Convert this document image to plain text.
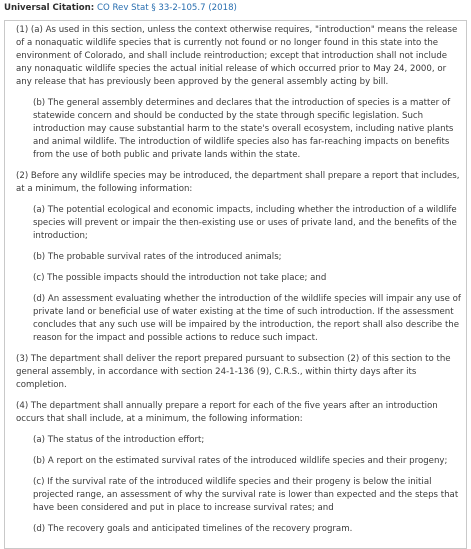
Universal Citation: CO Rev Stat § 33-2-105.7 (2018)

(1) (a) As used in this section, unless the context otherwise requires, "introduction" means the release of a nonaquatic wildlife species that is currently not found or no longer found in this state into the environment of Colorado, and shall include reintroduction; except that introduction shall not include any nonaquatic wildlife species the actual initial release of which occurred prior to May 24, 2000, or any release that has previously been approved by the general assembly acting by bill.

(b) The general assembly determines and declares that the introduction of species is a matter of statewide concern and should be conducted by the state through specific legislation. Such introduction may cause substantial harm to the state's overall ecosystem, including native plants and animal wildlife. The introduction of wildlife species also has far-reaching impacts on benefits from the use of both public and private lands within the state.

(2) Before any wildlife species may be introduced, the department shall prepare a report that includes, at a minimum, the following information:

(a) The potential ecological and economic impacts, including whether the introduction of a wildlife species will prevent or impair the then-existing use or uses of private land, and the benefits of the introduction;

(b) The probable survival rates of the introduced animals;

(c) The possible impacts should the introduction not take place; and

(d) An assessment evaluating whether the introduction of the wildlife species will impair any use of private land or beneficial use of water existing at the time of such introduction. If the assessment concludes that any such use will be impaired by the introduction, the report shall also describe the reason for the impact and possible actions to reduce such impact.

(3) The department shall deliver the report prepared pursuant to subsection (2) of this section to the general assembly, in accordance with section 24-1-136 (9), C.R.S., within thirty days after its completion.

(4) The department shall annually prepare a report for each of the five years after an introduction occurs that shall include, at a minimum, the following information:

(a) The status of the introduction effort;

(b) A report on the estimated survival rates of the introduced wildlife species and their progeny;

(c) If the survival rate of the introduced wildlife species and their progeny is below the initial projected range, an assessment of why the survival rate is lower than expected and the steps that have been considered and put in place to increase survival rates; and

(d) The recovery goals and anticipated timelines of the recovery program.
